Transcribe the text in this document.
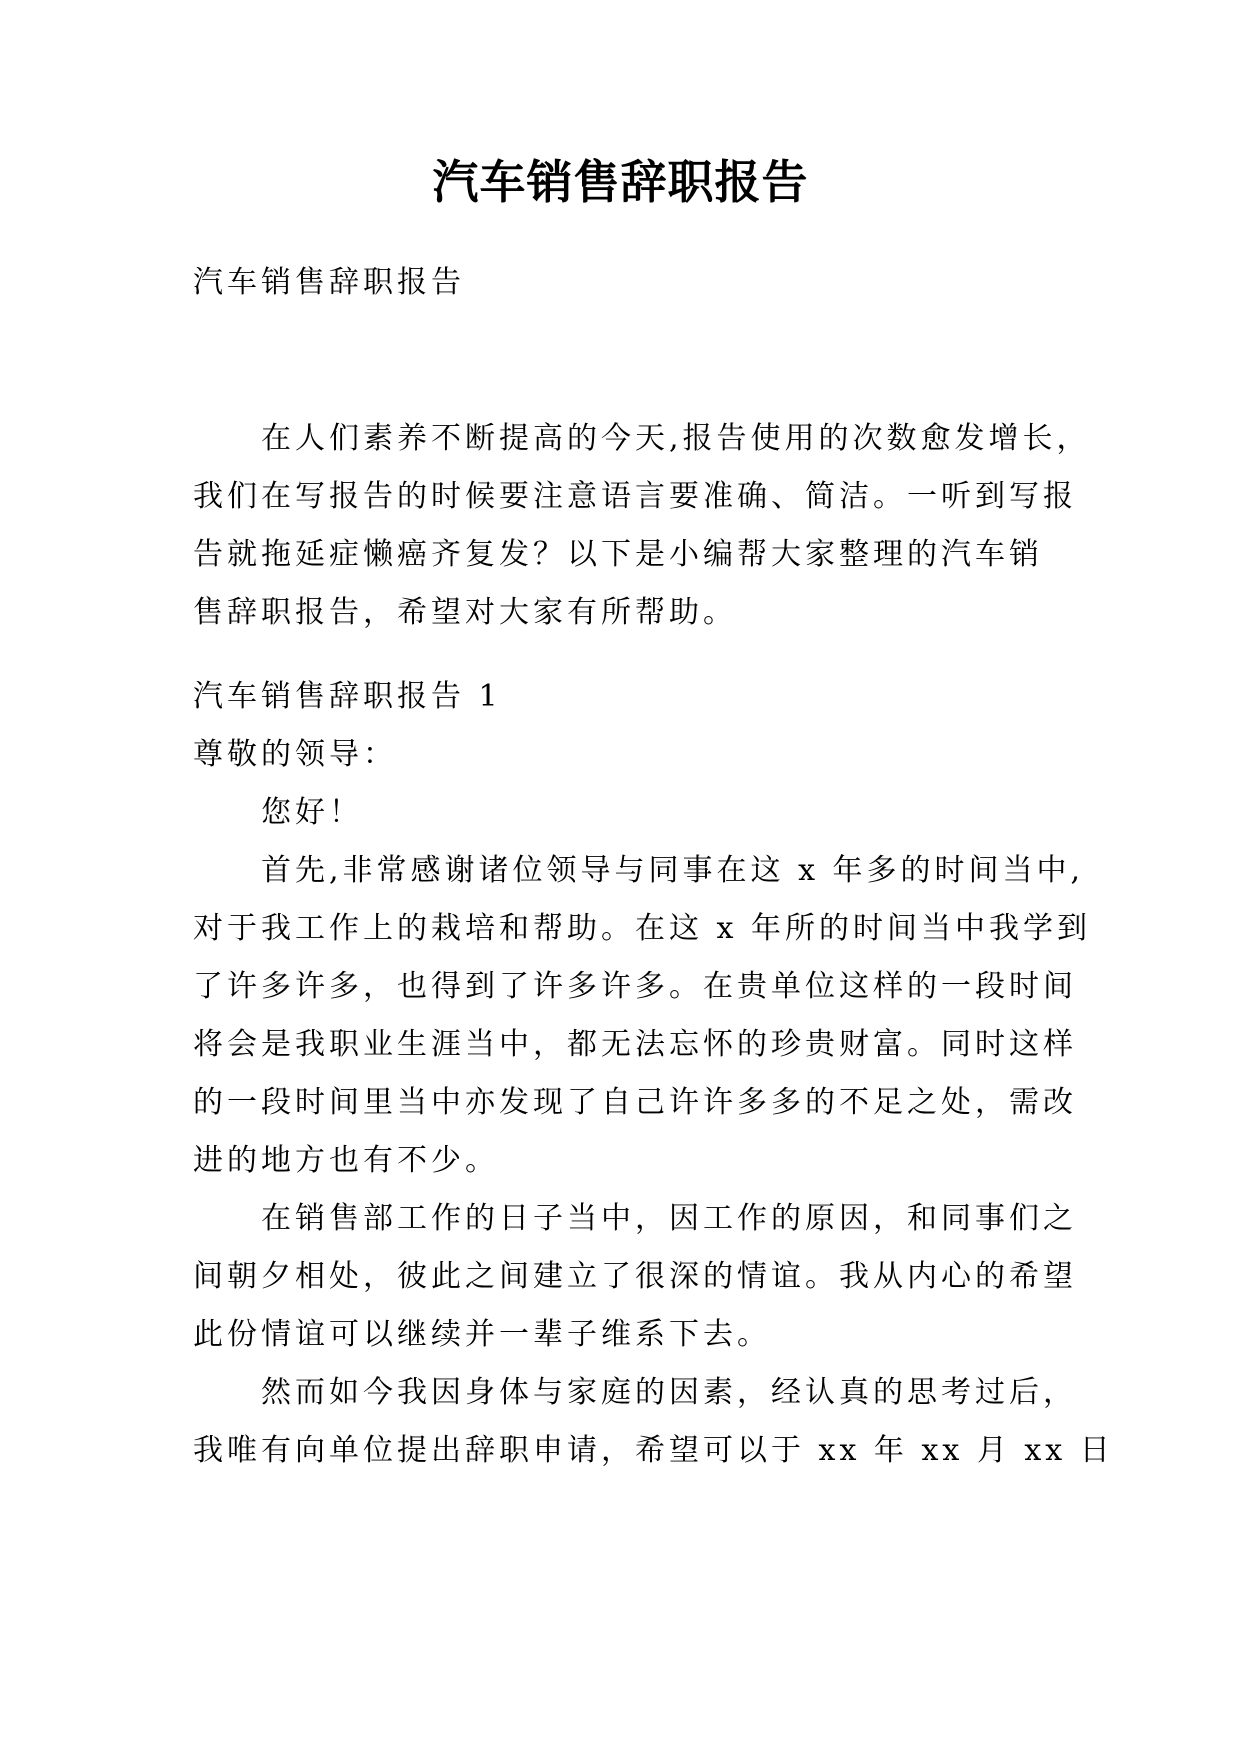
汽车销售辞职报告
汽车销售辞职报告
在人们素养不断提高的今天,报告使用的次数愈发增长，
我们在写报告的时候要注意语言要准确、简洁。一听到写报
告就拖延症懒癌齐复发？以下是小编帮大家整理的汽车销
售辞职报告，希望对大家有所帮助。
汽车销售辞职报告 1
尊敬的领导：
您好！
首先,非常感谢诸位领导与同事在这 x 年多的时间当中,
对于我工作上的栽培和帮助。在这 x 年所的时间当中我学到
了许多许多，也得到了许多许多。在贵单位这样的一段时间
将会是我职业生涯当中，都无法忘怀的珍贵财富。同时这样
的一段时间里当中亦发现了自己许许多多的不足之处，需改
进的地方也有不少。
在销售部工作的日子当中，因工作的原因，和同事们之
间朝夕相处，彼此之间建立了很深的情谊。我从内心的希望
此份情谊可以继续并一辈子维系下去。
然而如今我因身体与家庭的因素，经认真的思考过后，
我唯有向单位提出辞职申请，希望可以于 xx 年 xx 月 xx 日
